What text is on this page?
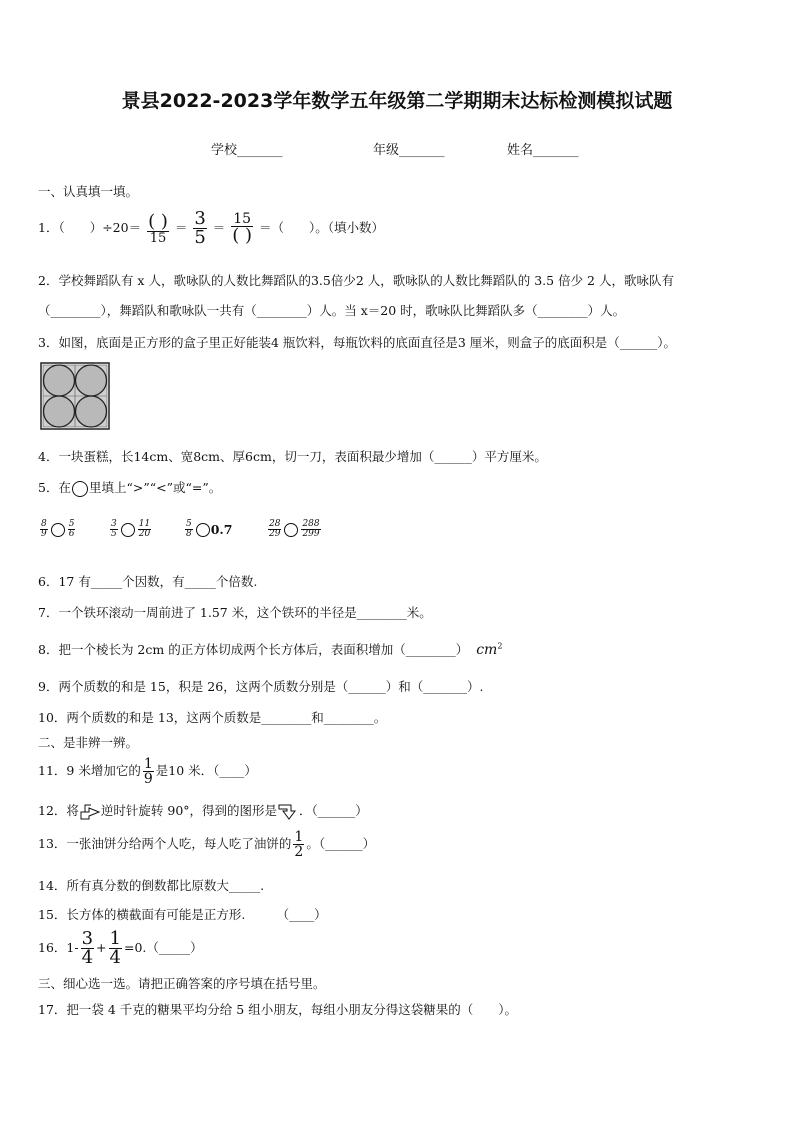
景县2022-2023学年数学五年级第二学期期末达标检测模拟试题
学校_______	年级_______	姓名_______
一、认真填一填。
1．（　　）$\div 20= \frac{( )}{15} = \frac{3}{5} = \frac{15}{( )}$ ＝（　　）。（填小数）
2．学校舞蹈队有 x 人，歌咏队的人数比舞蹈队的3.5倍少2 人，歌咏队的人数比舞蹈队的 3.5 倍少 2 人，歌咏队有
（________），舞蹈队和歌咏队一共有（________）人。当 x＝20 时，歌咏队比舞蹈队多（________）人。
3．如图，底面是正方形的盒子里正好能装4 瓶饮料，每瓶饮料的底面直径是3 厘米，则盒子的底面积是（______）。
4．一块蛋糕，长14cm、宽8cm、厚6cm，切一刀，表面积最少增加（______）平方厘米。
5．在 里填上“>”“<”或“=”。
$\frac{8}{9} \frac{5}{6}$	$\frac{3}{5} \frac{11}{20}$	$\frac{5}{8} 0.7$	$\frac{28}{29} \frac{288}{299}$
6．17 有_____个因数，有_____个倍数.
7．一个铁环滚动一周前进了 1.57 米，这个铁环的半径是________米。
8．把一个棱长为 2cm 的正方体切成两个长方体后，表面积增加（________） $cm^2$
9．两个质数的和是 15，积是 26，这两个质数分别是（______）和（_______）.
10．两个质数的和是 13，这两个质数是________和________。
二、是非辨一辨。
11．9 米增加它的 $\frac{1}{9}$ 是10 米．（____）
12．将 逆时针旋转 90°，得到的图形是 ．（______）
13．一张油饼分给两个人吃，每人吃了油饼的 $\frac{1}{2}$ 。（______）
14．所有真分数的倒数都比原数大_____.
15．长方体的横截面有可能是正方形.　　　（____）
16．$1- \frac{3}{4} + \frac{1}{4}$ =0.（_____）
三、细心选一选。请把正确答案的序号填在括号里。
17．把一袋 4 千克的糖果平均分给 5 组小朋友，每组小朋友分得这袋糖果的（　　）。
